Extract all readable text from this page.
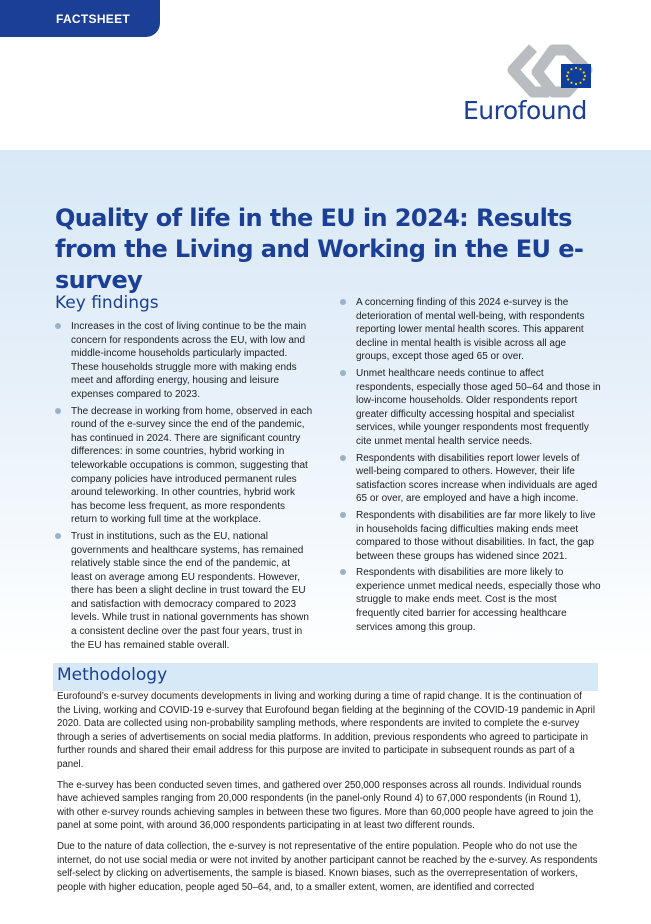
FACTSHEET
Eurofound
Quality of life in the EU in 2024: Results from the Living and Working in the EU e-survey
Key findings
Increases in the cost of living continue to be the main concern for respondents across the EU, with low and middle-income households particularly impacted. These households struggle more with making ends meet and affording energy, housing and leisure expenses compared to 2023.
The decrease in working from home, observed in each round of the e-survey since the end of the pandemic, has continued in 2024. There are significant country differences: in some countries, hybrid working in teleworkable occupations is common, suggesting that company policies have introduced permanent rules around teleworking. In other countries, hybrid work has become less frequent, as more respondents return to working full time at the workplace.
Trust in institutions, such as the EU, national governments and healthcare systems, has remained relatively stable since the end of the pandemic, at least on average among EU respondents. However, there has been a slight decline in trust toward the EU and satisfaction with democracy compared to 2023 levels. While trust in national governments has shown a consistent decline over the past four years, trust in the EU has remained stable overall.
A concerning finding of this 2024 e-survey is the deterioration of mental well-being, with respondents reporting lower mental health scores. This apparent decline in mental health is visible across all age groups, except those aged 65 or over.
Unmet healthcare needs continue to affect respondents, especially those aged 50–64 and those in low-income households. Older respondents report greater difficulty accessing hospital and specialist services, while younger respondents most frequently cite unmet mental health service needs.
Respondents with disabilities report lower levels of well-being compared to others. However, their life satisfaction scores increase when individuals are aged 65 or over, are employed and have a high income.
Respondents with disabilities are far more likely to live in households facing difficulties making ends meet compared to those without disabilities. In fact, the gap between these groups has widened since 2021.
Respondents with disabilities are more likely to experience unmet medical needs, especially those who struggle to make ends meet. Cost is the most frequently cited barrier for accessing healthcare services among this group.
Methodology

Eurofound’s e-survey documents developments in living and working during a time of rapid change. It is the continuation of the Living, working and COVID-19 e-survey that Eurofound began fielding at the beginning of the COVID-19 pandemic in April 2020. Data are collected using non-probability sampling methods, where respondents are invited to complete the e-survey through a series of advertisements on social media platforms. In addition, previous respondents who agreed to participate in further rounds and shared their email address for this purpose are invited to participate in subsequent rounds as part of a panel.

The e-survey has been conducted seven times, and gathered over 250,000 responses across all rounds. Individual rounds have achieved samples ranging from 20,000 respondents (in the panel-only Round 4) to 67,000 respondents (in Round 1), with other e-survey rounds achieving samples in between these two figures. More than 60,000 people have agreed to join the panel at some point, with around 36,000 respondents participating in at least two different rounds.

Due to the nature of data collection, the e-survey is not representative of the entire population. People who do not use the internet, do not use social media or were not invited by another participant cannot be reached by the e-survey. As respondents self-select by clicking on advertisements, the sample is biased. Known biases, such as the overrepresentation of workers, people with higher education, people aged 50–64, and, to a smaller extent, women, are identified and corrected
